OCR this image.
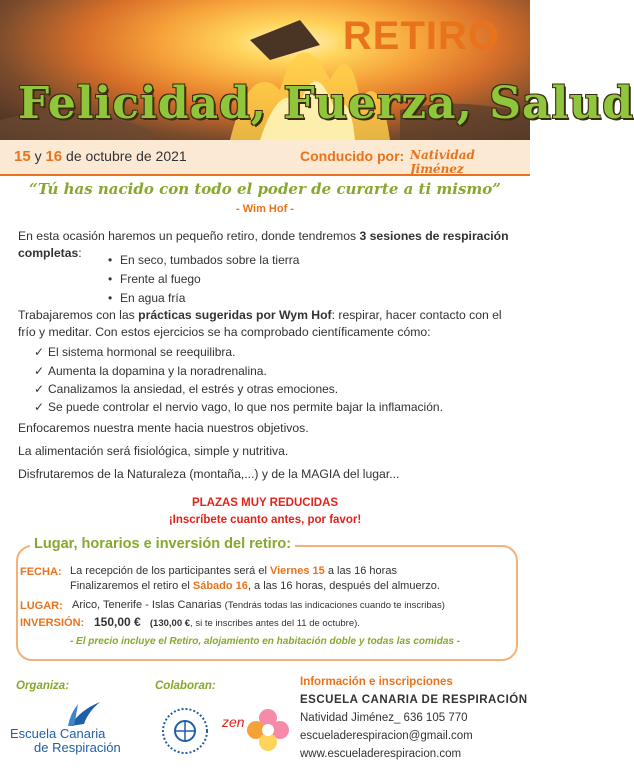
RETIRO
Felicidad, Fuerza, Salud
15 y 16 de octubre de 2021	Conducido por: Natividad Jiménez
“Tú has nacido con todo el poder de curarte a ti mismo”
- Wim Hof -
En esta ocasión haremos un pequeño retiro, donde tendremos 3 sesiones de respiración completas:
•	En seco, tumbados sobre la tierra
• Frente al fuego
• En agua fría
Trabajaremos con las prácticas sugeridas por Wym Hof: respirar, hacer contacto con el frío y meditar. Con estos ejercicios se ha comprobado científicamente cómo:
✓ El sistema hormonal se reequilibra.
✓ Aumenta la dopamina y la noradrenalina.
✓ Canalizamos la ansiedad, el estrés y otras emociones.
✓ Se puede controlar el nervio vago, lo que nos permite bajar la inflamación.
Enfocaremos nuestra mente hacia nuestros objetivos.
La alimentación será fisiológica, simple y nutritiva.
Disfrutaremos de la Naturaleza (montaña,...) y de la MAGIA del lugar...
PLAZAS MUY REDUCIDAS
¡Inscríbete cuanto antes, por favor!
Lugar, horarios e inversión del retiro:
FECHA: La recepción de los participantes será el Viernes 15 a las 16 horas
Finalizaremos el retiro el Sábado 16, a las 16 horas, después del almuerzo.
LUGAR: Arico, Tenerife - Islas Canarias (Tendrás todas las indicaciones cuando te inscribas)
INVERSIÓN: 150,00 € (130,00 €, si te inscribes antes del 11 de octubre).
- El precio incluye el Retiro, alojamiento en habitación doble y todas las comidas -
Organiza:	Colaboran:
Escuela Canaria
de Respiración
zen
Información e inscripciones
ESCUELA CANARIA DE RESPIRACIÓN
Natividad Jiménez_ 636 105 770
escueladerespiracion@gmail.com
www.escueladerespiracion.com
